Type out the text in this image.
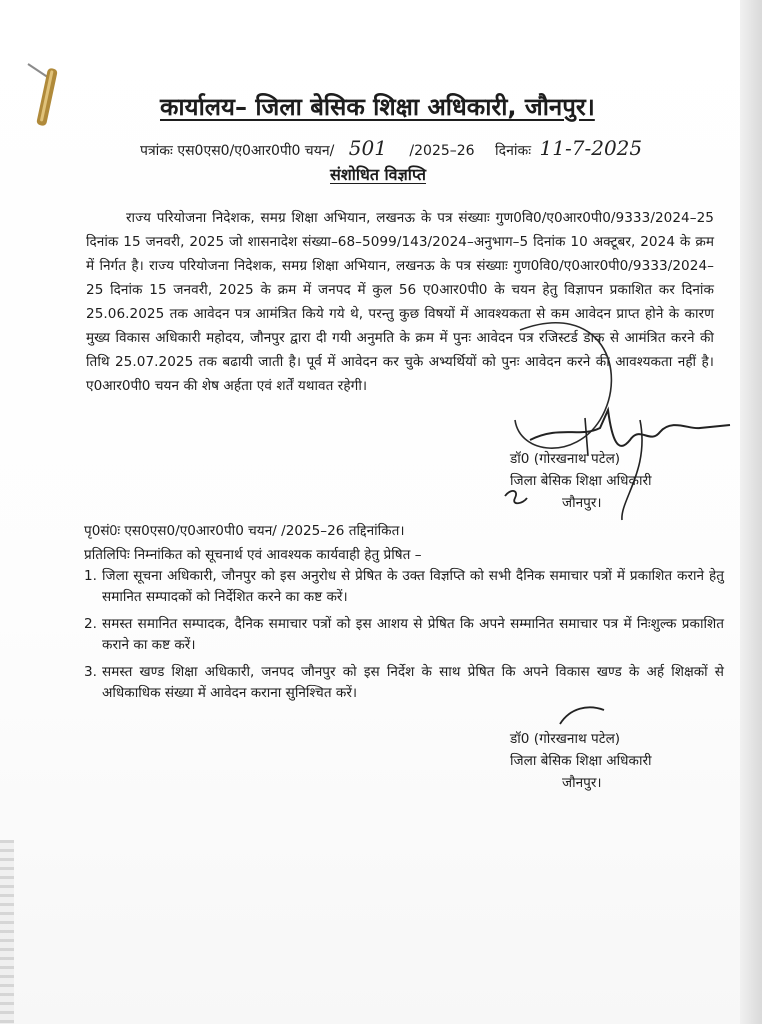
कार्यालय– जिला बेसिक शिक्षा अधिकारी, जौनपुर।
पत्रांकः एस0एस0/ए0आर0पी0 चयन/ 501 /2025–26 दिनांकः 11-7-2025
संशोधित विज्ञप्ति
राज्य परियोजना निदेशक, समग्र शिक्षा अभियान, लखनऊ के पत्र संख्याः गुण0वि0/ए0आर0पी0/9333/2024–25 दिनांक 15 जनवरी, 2025 जो शासनादेश संख्या–68–5099/143/2024–अनुभाग–5 दिनांक 10 अक्टूबर, 2024 के क्रम में निर्गत है। राज्य परियोजना निदेशक, समग्र शिक्षा अभियान, लखनऊ के पत्र संख्याः गुण0वि0/ए0आर0पी0/9333/2024–25 दिनांक 15 जनवरी, 2025 के क्रम में जनपद में कुल 56 ए0आर0पी0 के चयन हेतु विज्ञापन प्रकाशित कर दिनांक 25.06.2025 तक आवेदन पत्र आमंत्रित किये गये थे, परन्तु कुछ विषयों में आवश्यकता से कम आवेदन प्राप्त होने के कारण मुख्य विकास अधिकारी महोदय, जौनपुर द्वारा दी गयी अनुमति के क्रम में पुनः आवेदन पत्र रजिस्टर्ड डाक से आमंत्रित करने की तिथि 25.07.2025 तक बढायी जाती है। पूर्व में आवेदन कर चुके अभ्यर्थियों को पुनः आवेदन करने की आवश्यकता नहीं है। ए0आर0पी0 चयन की शेष अर्हता एवं शर्तें यथावत रहेगी।
डॉ0 (गोरखनाथ पटेल)
जिला बेसिक शिक्षा अधिकारी
जौनपुर।
पृ0सं0ः एस0एस0/ए0आर0पी0 चयन/ /2025–26 तद्दिनांकित।
प्रतिलिपिः निम्नांकित को सूचनार्थ एवं आवश्यक कार्यवाही हेतु प्रेषित –
1. जिला सूचना अधिकारी, जौनपुर को इस अनुरोध से प्रेषित के उक्त विज्ञप्ति को सभी दैनिक समाचार पत्रों में प्रकाशित कराने हेतु समानित सम्पादकों को निर्देशित करने का कष्ट करें।
2. समस्त समानित सम्पादक, दैनिक समाचार पत्रों को इस आशय से प्रेषित कि अपने सम्मानित समाचार पत्र में निःशुल्क प्रकाशित कराने का कष्ट करें।
3. समस्त खण्ड शिक्षा अधिकारी, जनपद जौनपुर को इस निर्देश के साथ प्रेषित कि अपने विकास खण्ड के अर्ह शिक्षकों से अधिकाधिक संख्या में आवेदन कराना सुनिश्चित करें।
डॉ0 (गोरखनाथ पटेल)
जिला बेसिक शिक्षा अधिकारी
जौनपुर।
